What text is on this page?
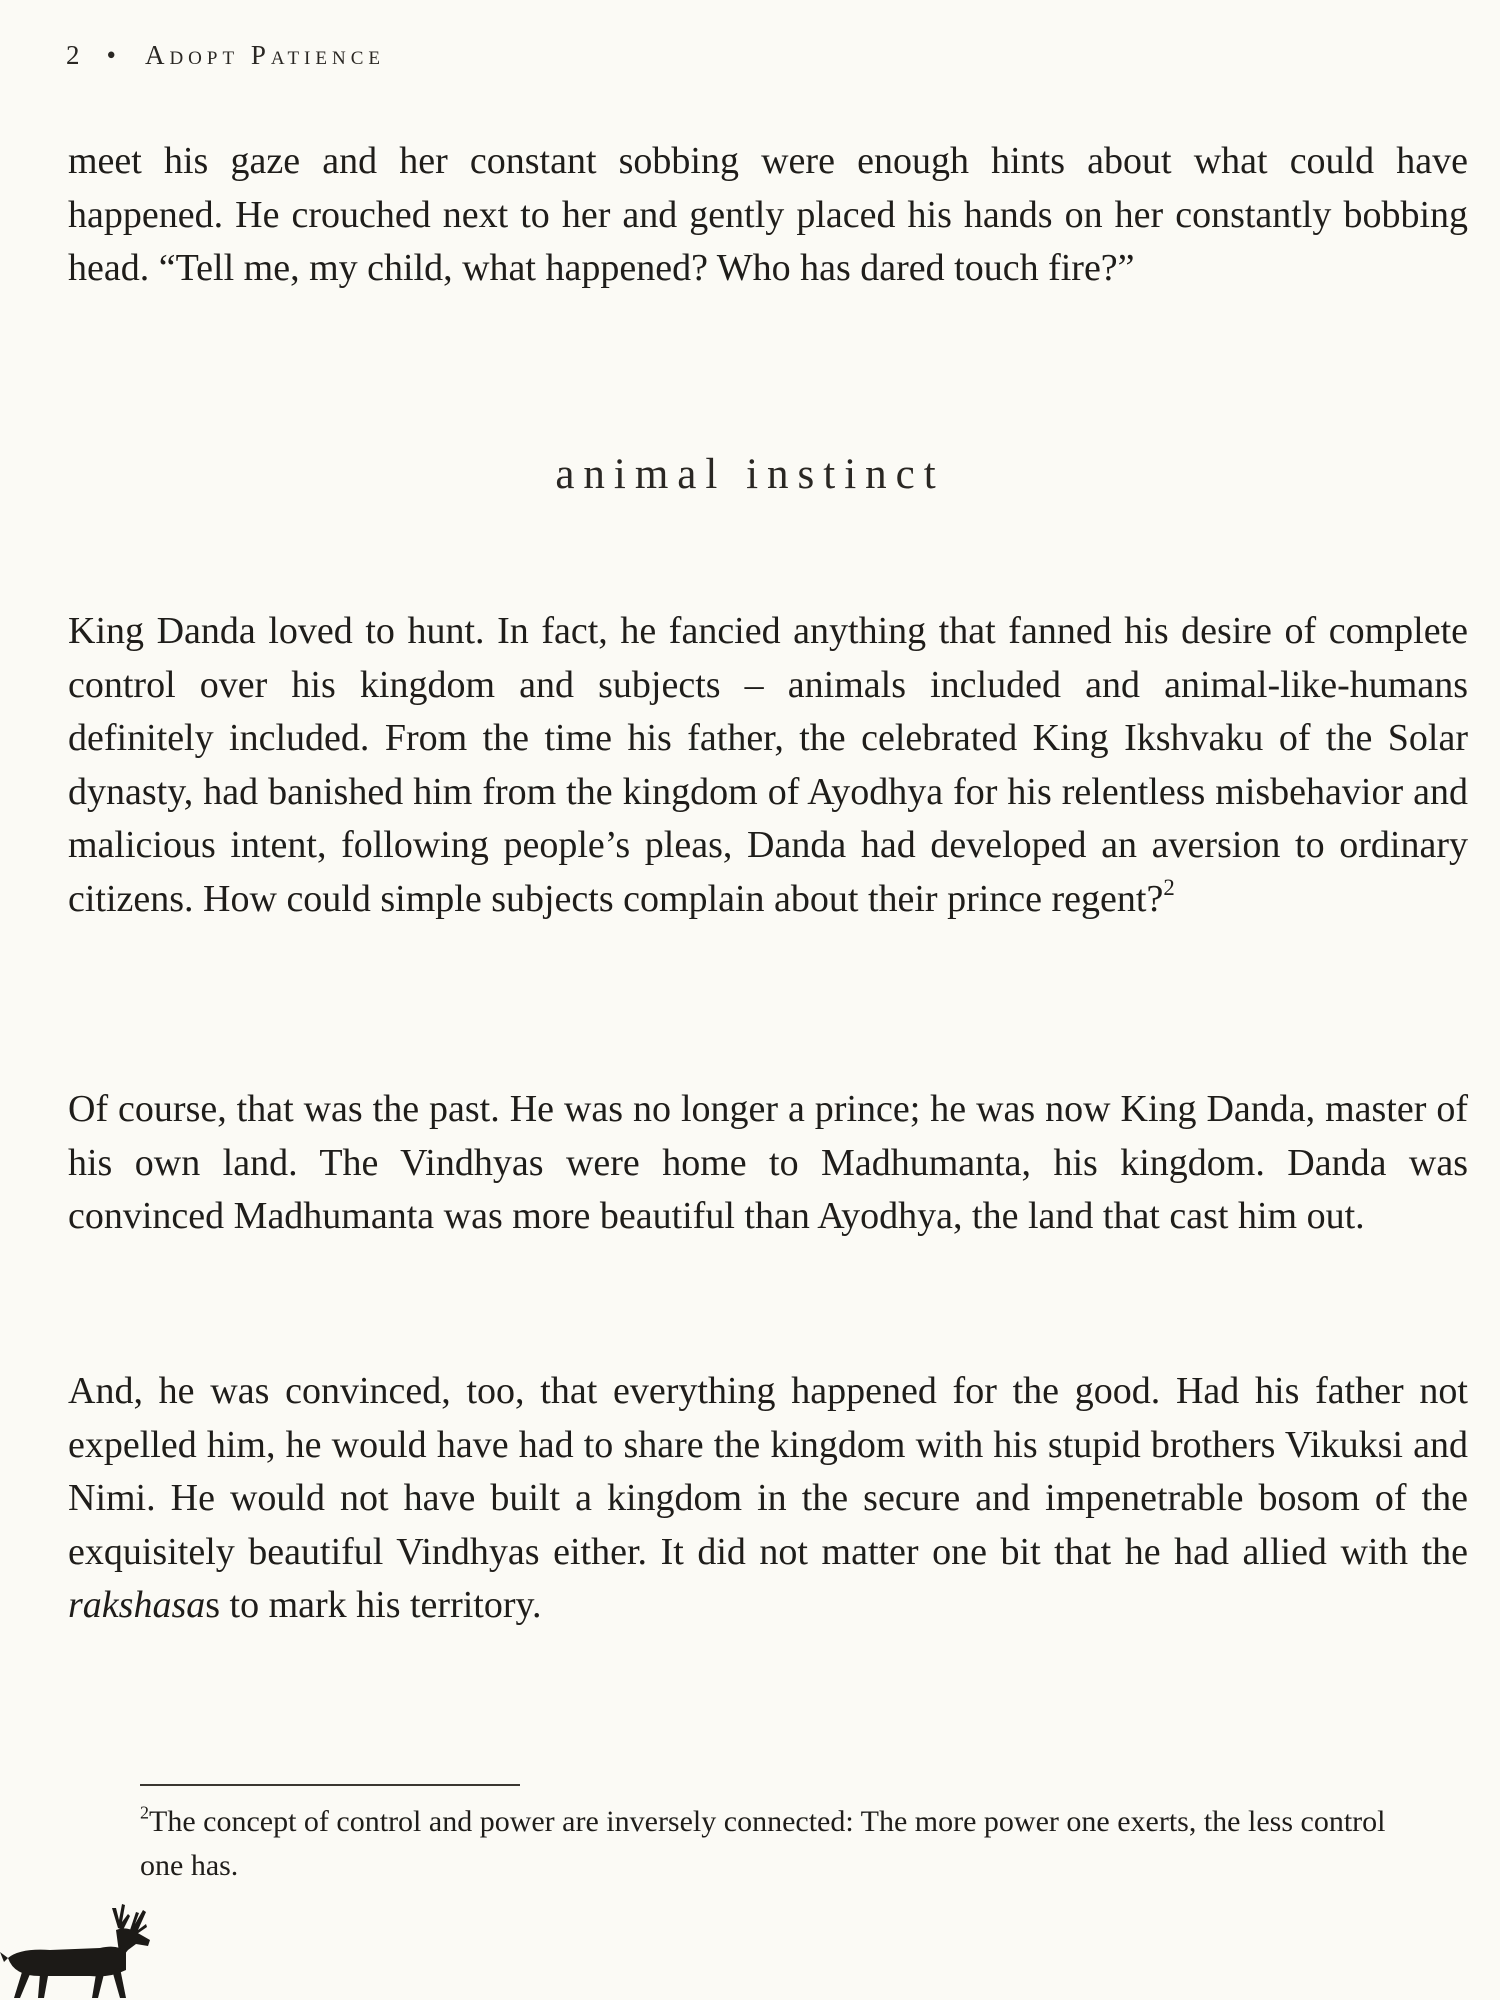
2 • Adopt Patience

meet his gaze and her constant sobbing were enough hints about what could have happened. He crouched next to her and gently placed his hands on her constantly bobbing head. “Tell me, my child, what happened? Who has dared touch fire?”

animal instinct

King Danda loved to hunt. In fact, he fancied anything that fanned his desire of complete control over his kingdom and subjects – animals included and animal-like-humans definitely included. From the time his father, the celebrated King Ikshvaku of the Solar dynasty, had banished him from the kingdom of Ayodhya for his relentless misbehavior and malicious intent, following people’s pleas, Danda had developed an aversion to ordinary citizens. How could simple subjects complain about their prince regent?$^2$

Of course, that was the past. He was no longer a prince; he was now King Danda, master of his own land. The Vindhyas were home to Madhumanta, his kingdom. Danda was convinced Madhumanta was more beautiful than Ayodhya, the land that cast him out.

And, he was convinced, too, that everything happened for the good. Had his father not expelled him, he would have had to share the kingdom with his stupid brothers Vikuksi and Nimi. He would not have built a kingdom in the secure and impenetrable bosom of the exquisitely beautiful Vindhyas either. It did not matter one bit that he had allied with the rakshasas to mark his territory.

$^2$The concept of control and power are inversely connected: The more power one exerts, the less control one has.
